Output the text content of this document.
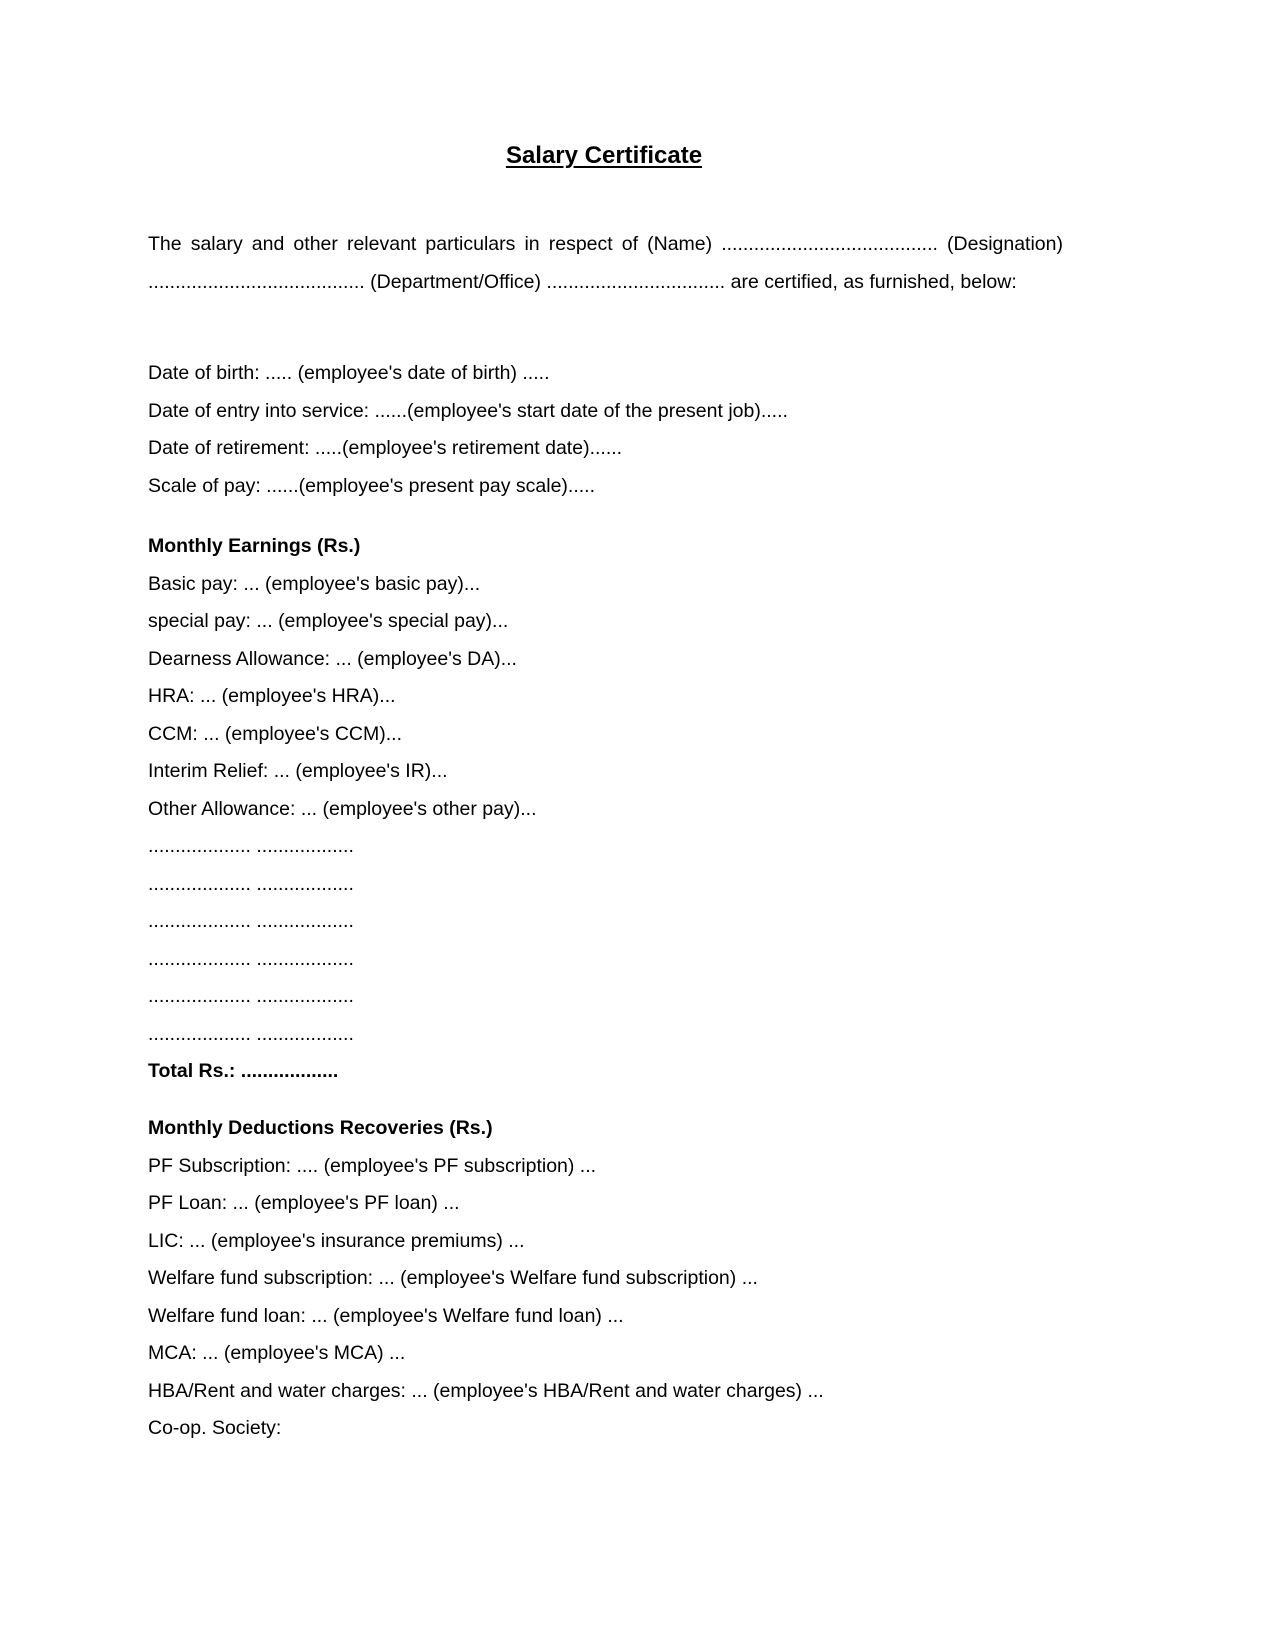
Salary Certificate
The salary and other relevant particulars in respect of (Name) ........................................ (Designation) ........................................ (Department/Office) ................................. are certified, as furnished, below:
Date of birth: ..... (employee's date of birth) .....
Date of entry into service: ......(employee's start date of the present job).....
Date of retirement: .....(employee's retirement date)......
Scale of pay: ......(employee's present pay scale).....
Monthly Earnings (Rs.)
Basic pay: ... (employee's basic pay)...
special pay: ... (employee's special pay)...
Dearness Allowance: ... (employee's DA)...
HRA: ... (employee's HRA)...
CCM: ... (employee's CCM)...
Interim Relief: ... (employee's IR)...
Other Allowance: ... (employee's other pay)...
................... ..................
................... ..................
................... ..................
................... ..................
................... ..................
................... ..................
Total Rs.: ..................
Monthly Deductions Recoveries (Rs.)
PF Subscription: .... (employee's PF subscription) ...
PF Loan: ... (employee's PF loan) ...
LIC: ... (employee's insurance premiums) ...
Welfare fund subscription: ... (employee's Welfare fund subscription) ...
Welfare fund loan: ... (employee's Welfare fund loan) ...
MCA: ... (employee's MCA) ...
HBA/Rent and water charges: ... (employee's HBA/Rent and water charges) ...
Co-op. Society:
